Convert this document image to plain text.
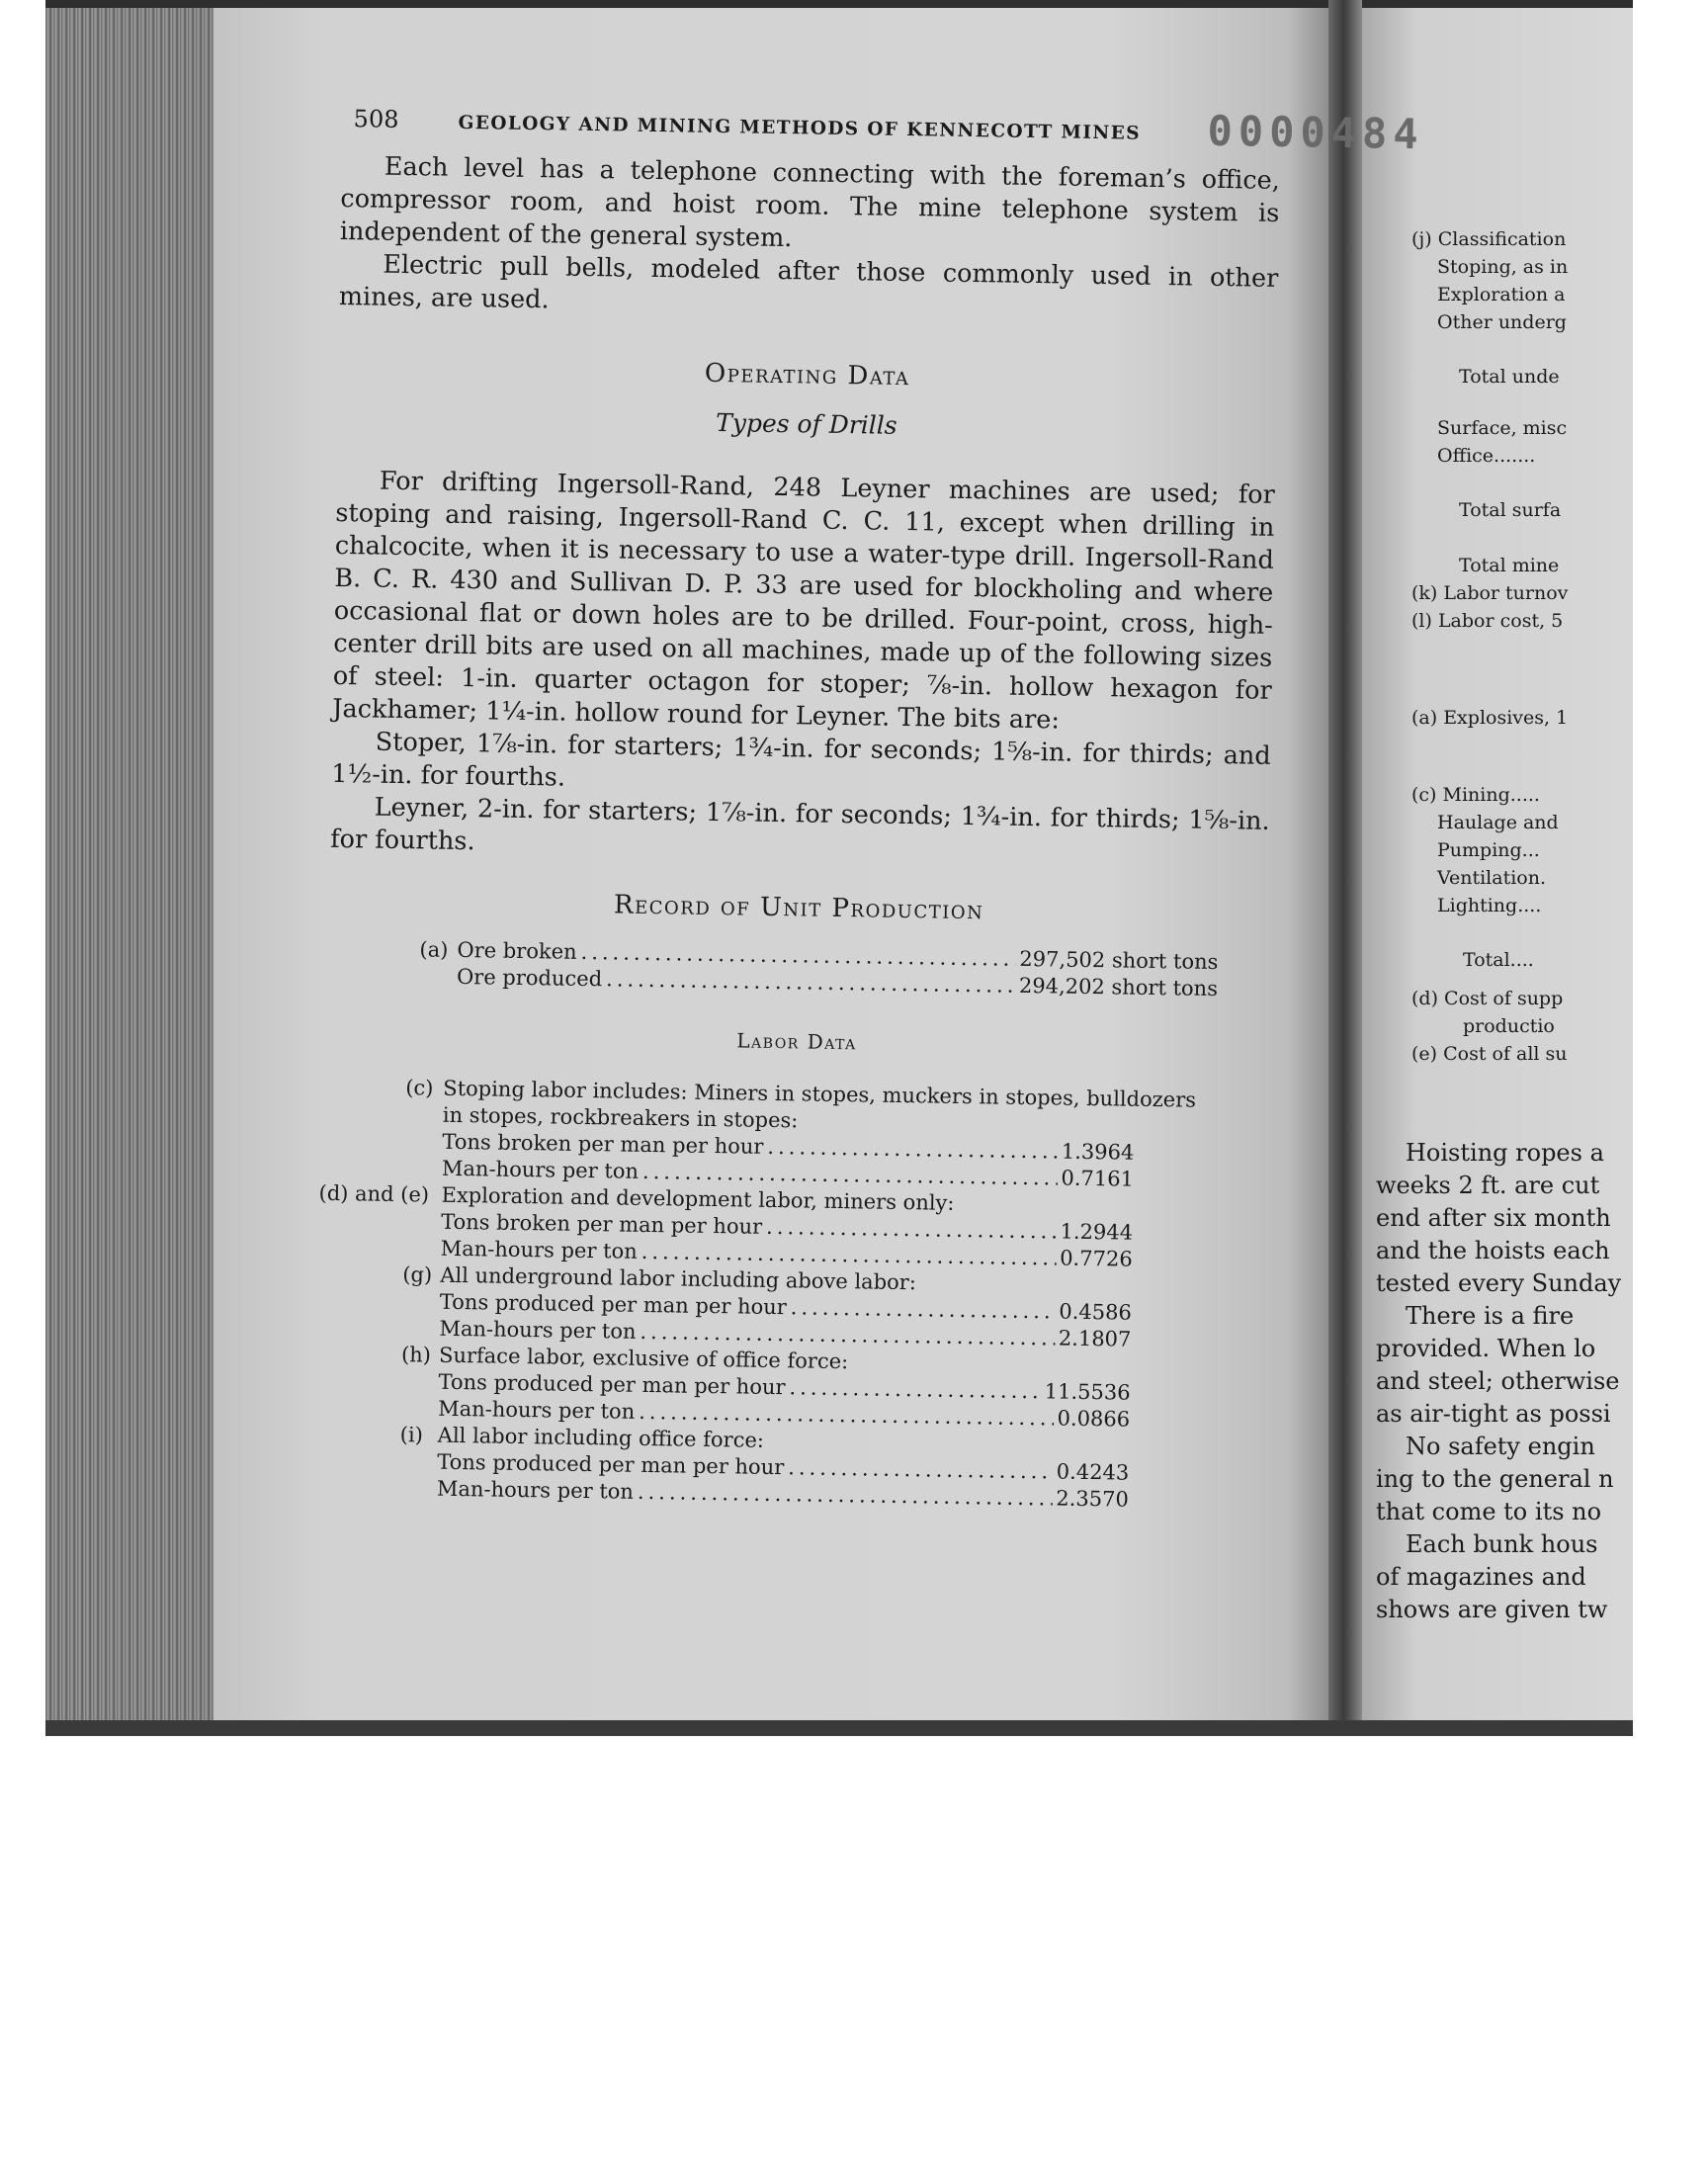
(j) Classification
Stoping, as in
Exploration a
Other underg
Total unde
Surface, misc
Office.......
Total surfa
Total mine
(k) Labor turnov
(l) Labor cost, 5
(a) Explosives, 1
(c) Mining.....
Haulage and
Pumping...
Ventilation.
Lighting....
Total....
(d) Cost of supp
productio
(e) Cost of all su
Hoisting ropes a
weeks 2 ft. are cut
end after six month
and the hoists each
tested every Sunday
There is a fire
provided. When lo
and steel; otherwise
as air-tight as possi
No safety engin
ing to the general n
that come to its no
Each bunk hous
of magazines and
shows are given tw
508	GEOLOGY AND MINING METHODS OF KENNECOTT MINES 0000484

Each level has a telephone connecting with the foreman’s office, compressor room, and hoist room. The mine telephone system is independent of the general system.

Electric pull bells, modeled after those commonly used in other mines, are used.

Operating Data
Types of Drills

For drifting Ingersoll-Rand, 248 Leyner machines are used; for stoping and raising, Ingersoll-Rand C. C. 11, except when drilling in chalcocite, when it is necessary to use a water-type drill. Ingersoll-Rand B. C. R. 430 and Sullivan D. P. 33 are used for blockholing and where occasional flat or down holes are to be drilled. Four-point, cross, high-center drill bits are used on all machines, made up of the following sizes of steel: 1-in. quarter octagon for stoper; ⅞-in. hollow hexagon for Jackhamer; 1¼-in. hollow round for Leyner. The bits are:

Stoper, 1⅞-in. for starters; 1¾-in. for seconds; 1⅝-in. for thirds; and 1½-in. for fourths.

Leyner, 2-in. for starters; 1⅞-in. for seconds; 1¾-in. for thirds; 1⅝-in. for fourths.

Record of Unit Production
(a) Ore broken .....	297,502 short tons
Ore produced .....	294,202 short tons
Labor Data
(c) Stoping labor includes: Miners in stopes, muckers in stopes, bulldozers in stopes, rockbreakers in stopes:
Tons broken per man per hour .....	1.3964
Man-hours per ton .....	0.7161
(d) and (e) Exploration and development labor, miners only:
Tons broken per man per hour .....	1.2944
Man-hours per ton .....	0.7726
(g) All underground labor including above labor:
Tons produced per man per hour .....	0.4586
Man-hours per ton .....	2.1807
(h) Surface labor, exclusive of office force:
Tons produced per man per hour .....	11.5536
Man-hours per ton .....	0.0866
(i) All labor including office force:
Tons produced per man per hour .....	0.4243
Man-hours per ton .....	2.3570
